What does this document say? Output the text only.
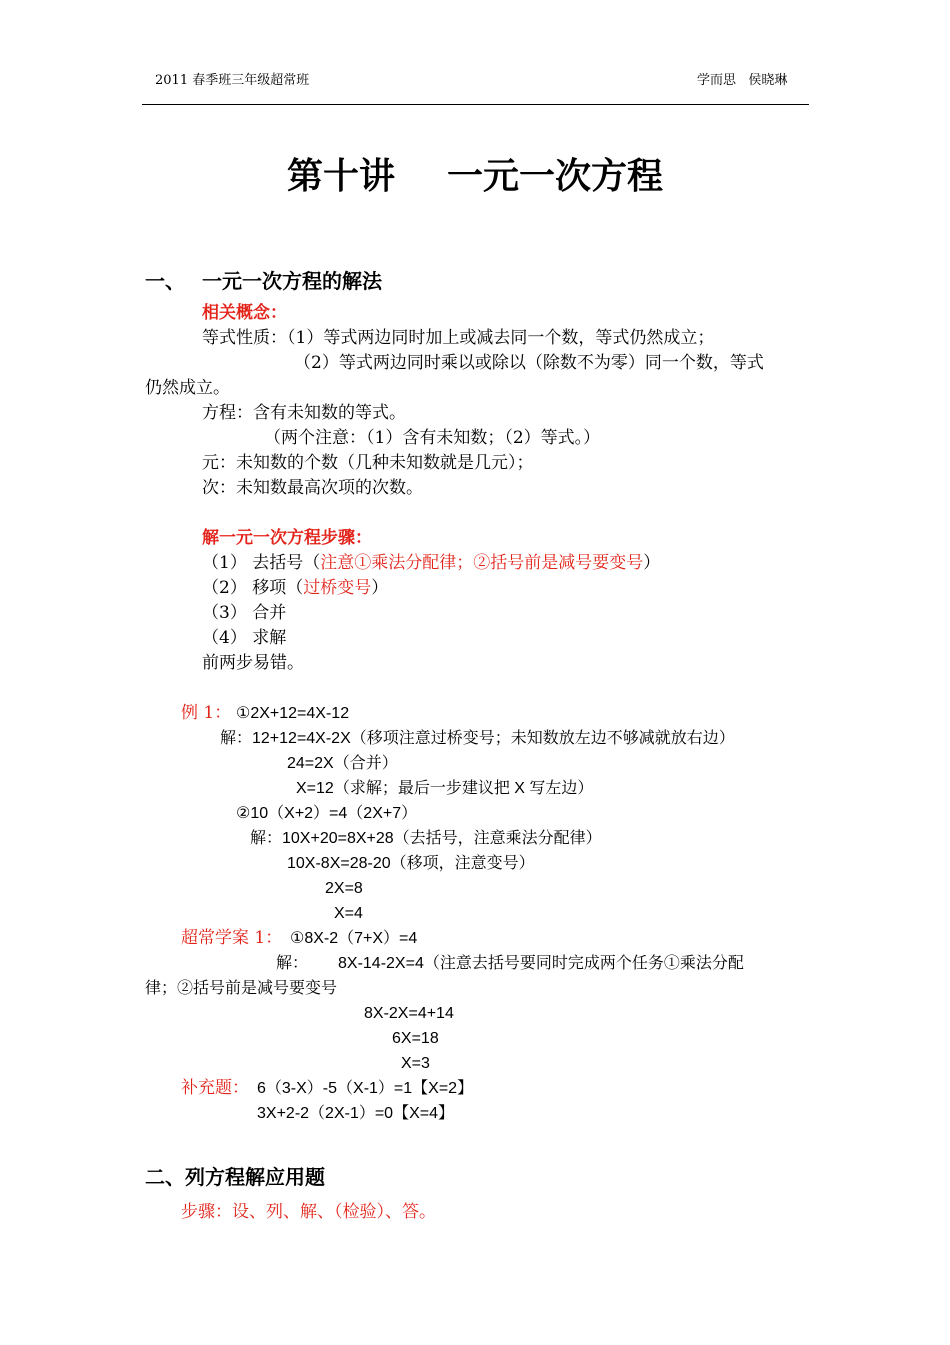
2011 春季班三年级超常班	学而思   侯晓琳
第十讲 一元一次方程
一、 一元一次方程的解法
相关概念：
等式性质：（1）等式两边同时加上或减去同一个数，等式仍然成立；
（2）等式两边同时乘以或除以（除数不为零）同一个数，等式
仍然成立。
方程：含有未知数的等式。
（两个注意：（1）含有未知数；（2）等式。）
元：未知数的个数（几种未知数就是几元）；
次：未知数最高次项的次数。
解一元一次方程步骤：
（1） 去括号（注意①乘法分配律；②括号前是减号要变号）
（2） 移项（过桥变号）
（3） 合并
（4） 求解
前两步易错。
例 1： ①2X+12=4X-12
解：12+12=4X-2X（移项注意过桥变号；未知数放左边不够减就放右边）
24=2X（合并）
X=12（求解；最后一步建议把 X 写左边）
②10（X+2）=4（2X+7）
解：10X+20=8X+28（去括号，注意乘法分配律）
10X-8X=28-20（移项，注意变号）
2X=8
X=4
超常学案 1： ①8X-2（7+X）=4
解： 8X-14-2X=4（注意去括号要同时完成两个任务①乘法分配
律；②括号前是减号要变号
8X-2X=4+14
6X=18
X=3
补充题： 6（3-X）-5（X-1）=1【X=2】
3X+2-2（2X-1）=0【X=4】
二、列方程解应用题
步骤：设、列、解、（检验）、答。
